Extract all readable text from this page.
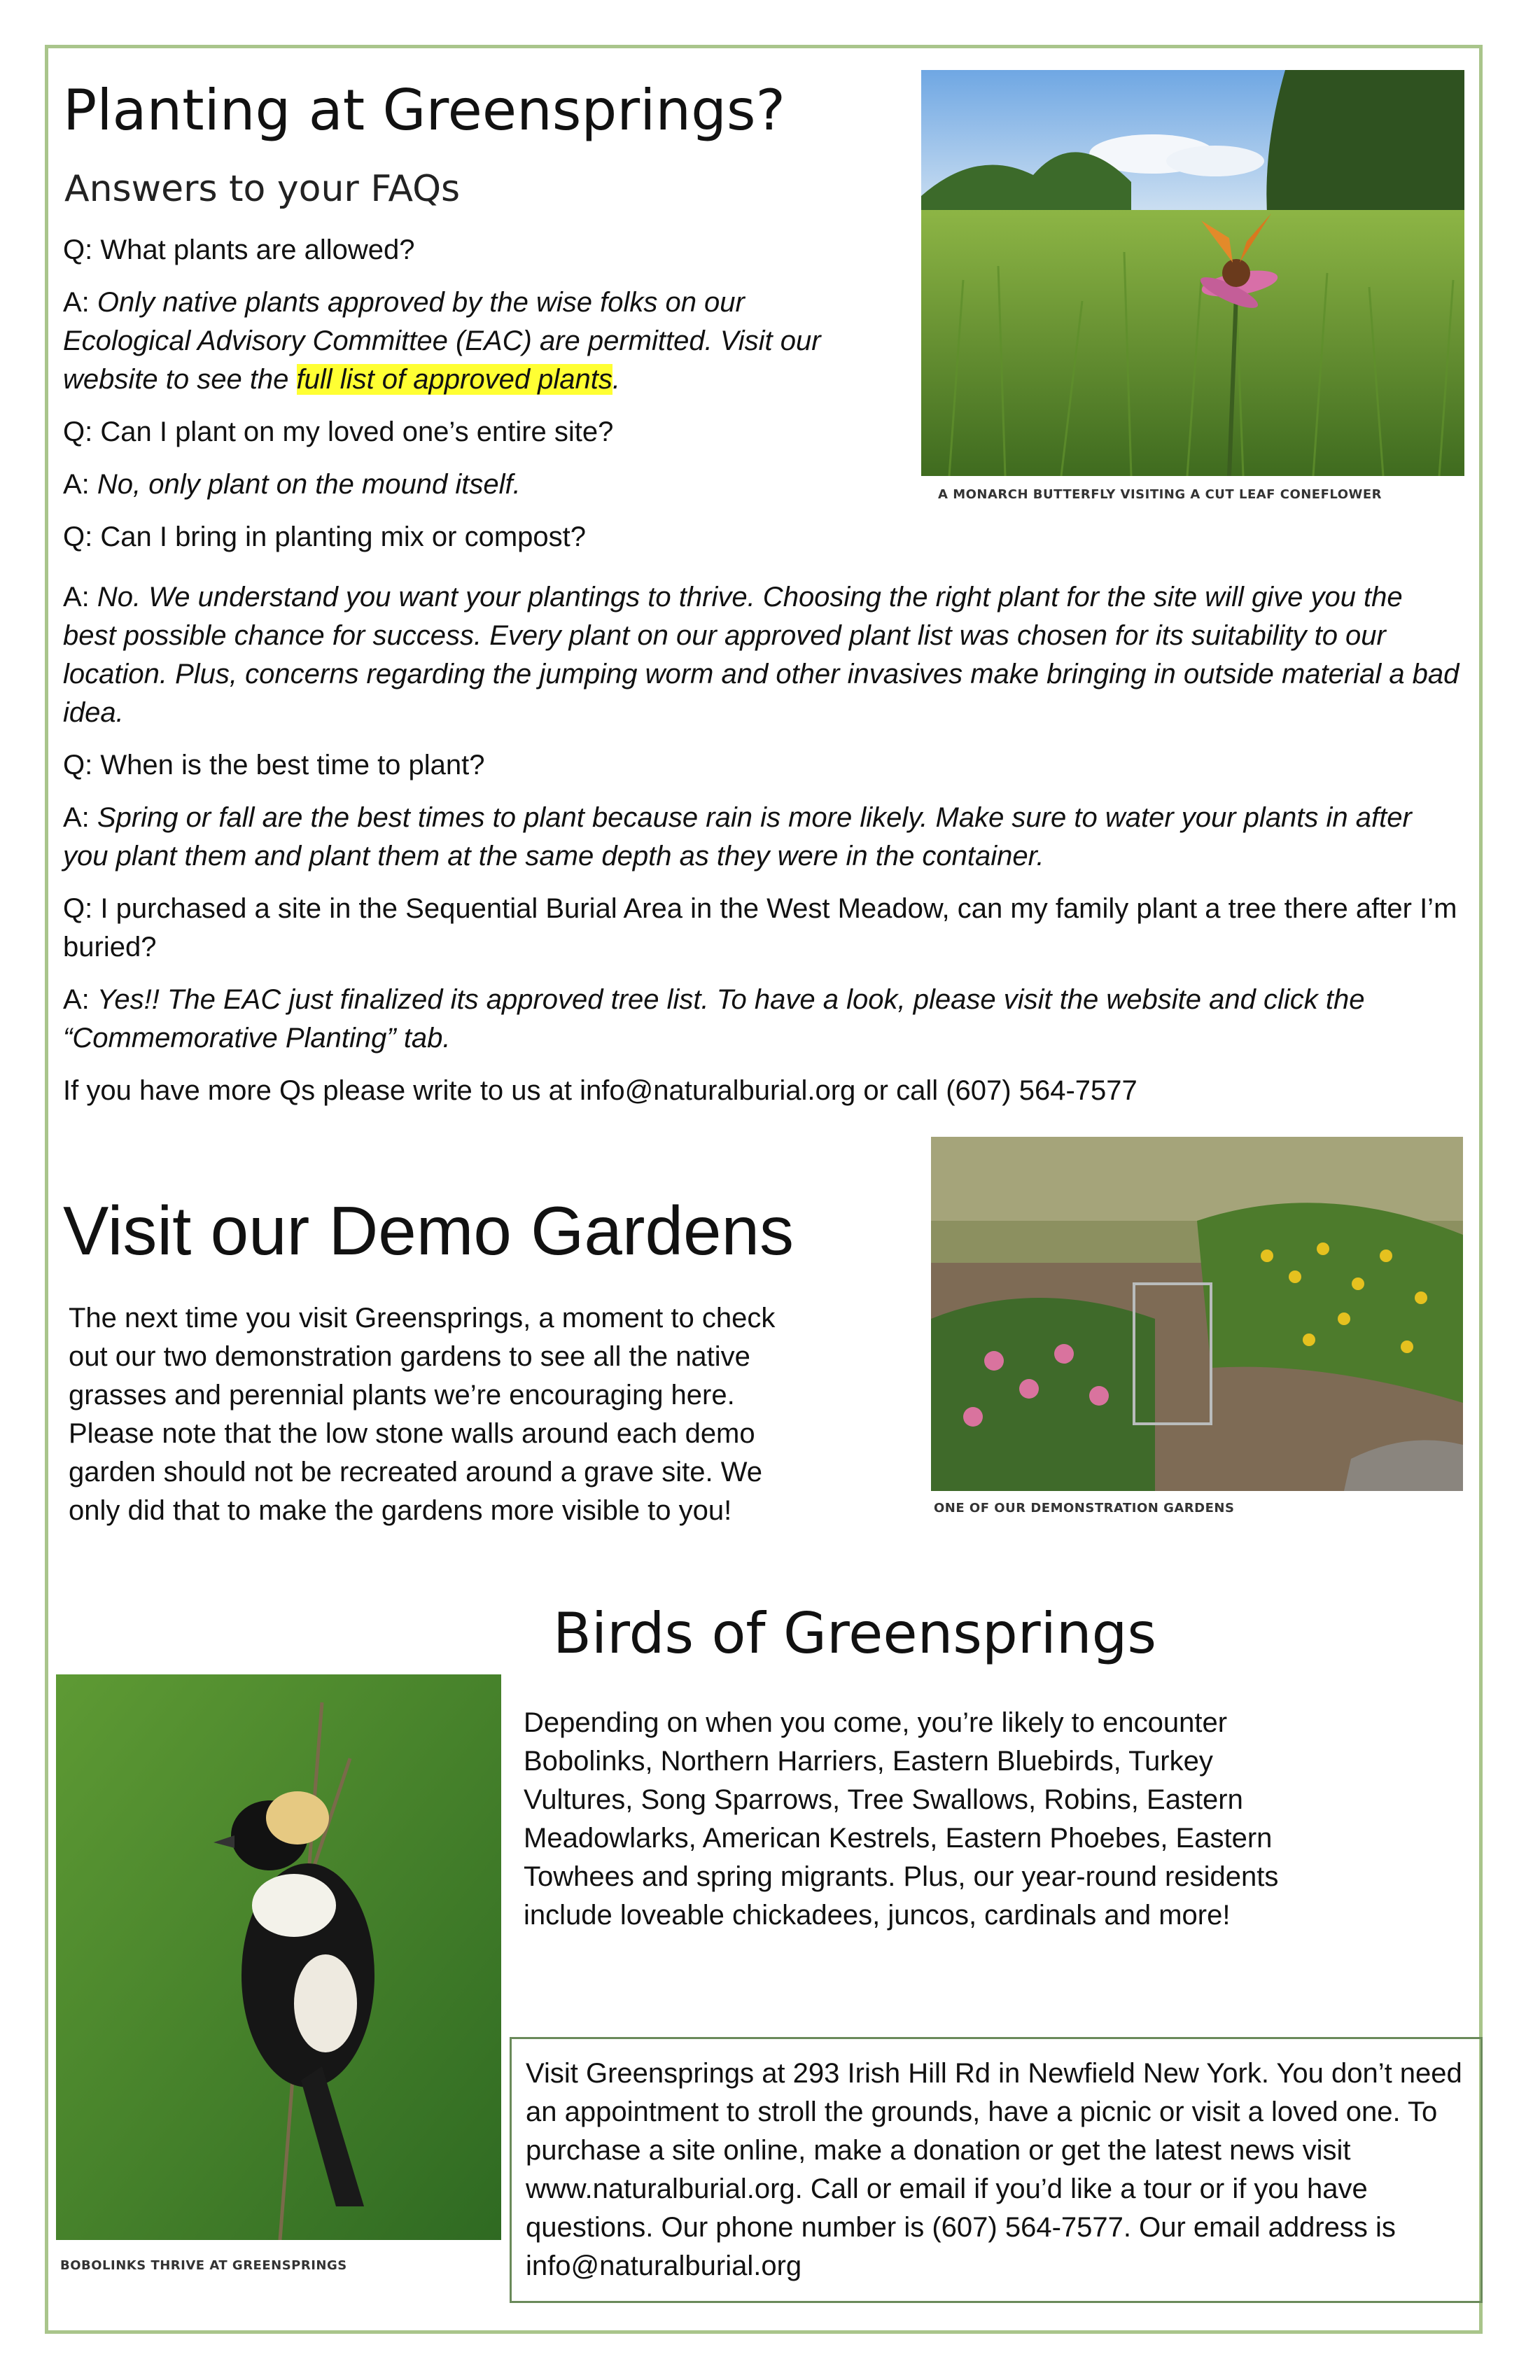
Planting at Greensprings?
Answers to your FAQs
A MONARCH BUTTERFLY VISITING A CUT LEAF CONEFLOWER

Q: What plants are allowed?

A: Only native plants approved by the wise folks on our Ecological Advisory Committee (EAC) are permitted. Visit our website to see the full list of approved plants.

Q: Can I plant on my loved one’s entire site?

A: No, only plant on the mound itself.

Q: Can I bring in planting mix or compost?

A: No. We understand you want your plantings to thrive. Choosing the right plant for the site will give you the best possible chance for success. Every plant on our approved plant list was chosen for its suitability to our location. Plus, concerns regarding the jumping worm and other invasives make bringing in outside material a bad idea.

Q: When is the best time to plant?

A: Spring or fall are the best times to plant because rain is more likely. Make sure to water your plants in after you plant them and plant them at the same depth as they were in the container.

Q: I purchased a site in the Sequential Burial Area in the West Meadow, can my family plant a tree there after I’m buried?

A: Yes!! The EAC just finalized its approved tree list. To have a look, please visit the website and click the “Commemorative Planting” tab.

If you have more Qs please write to us at info@naturalburial.org or call (607) 564-7577

Visit our Demo Gardens
The next time you visit Greensprings, a moment to check out our two demonstration gardens to see all the native grasses and perennial plants we’re encouraging here. Please note that the low stone walls around each demo garden should not be recreated around a grave site. We only did that to make the gardens more visible to you!	ONE OF OUR DEMONSTRATION GARDENS
Birds of Greensprings
Depending on when you come, you’re likely to encounter Bobolinks, Northern Harriers, Eastern Bluebirds, Turkey Vultures, Song Sparrows, Tree Swallows, Robins, Eastern Meadowlarks, American Kestrels, Eastern Phoebes, Eastern Towhees and spring migrants. Plus, our year-round residents include loveable chickadees, juncos, cardinals and more!
BOBOLINKS THRIVE AT GREENSPRINGS
Visit Greensprings at 293 Irish Hill Rd in Newfield New York. You don’t need an appointment to stroll the grounds, have a picnic or visit a loved one. To purchase a site online, make a donation or get the latest news visit www.naturalburial.org. Call or email if you’d like a tour or if you have questions. Our phone number is (607) 564-7577. Our email address is info@naturalburial.org
